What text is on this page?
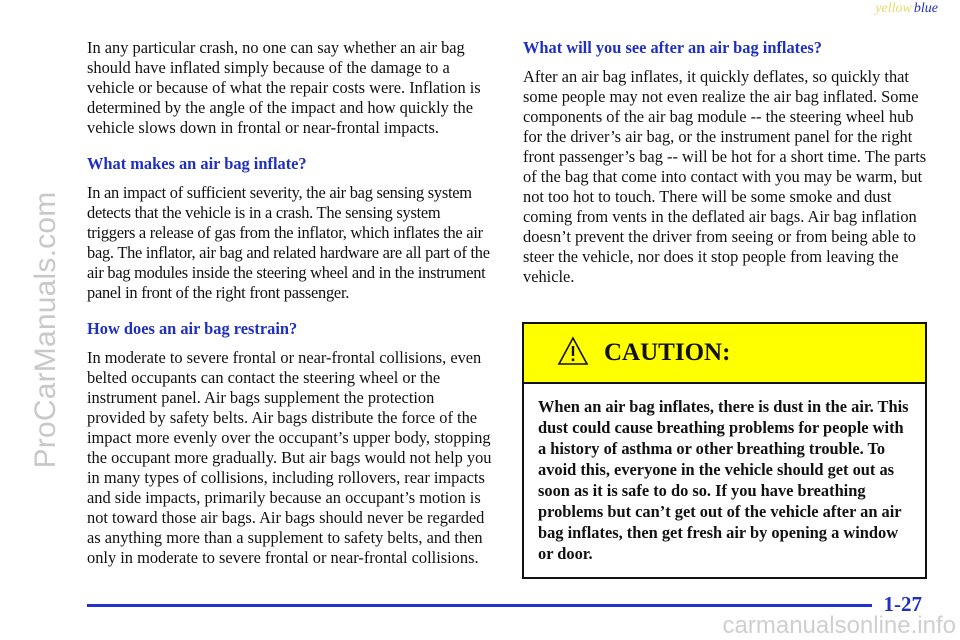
yellow blue
ProCarManuals.com

In any particular crash, no one can say whether an air bag should have inflated simply because of the damage to a vehicle or because of what the repair costs were. Inflation is determined by the angle of the impact and how quickly the vehicle slows down in frontal or near-frontal impacts.

What makes an air bag inflate?

In an impact of sufficient severity, the air bag sensing system detects that the vehicle is in a crash. The sensing system triggers a release of gas from the inflator, which inflates the air bag. The inflator, air bag and related hardware are all part of the air bag modules inside the steering wheel and in the instrument panel in front of the right front passenger.

How does an air bag restrain?

In moderate to severe frontal or near-frontal collisions, even belted occupants can contact the steering wheel or the instrument panel. Air bags supplement the protection provided by safety belts. Air bags distribute the force of the impact more evenly over the occupant’s upper body, stopping the occupant more gradually. But air bags would not help you in many types of collisions, including rollovers, rear impacts and side impacts, primarily because an occupant’s motion is not toward those air bags. Air bags should never be regarded as anything more than a supplement to safety belts, and then only in moderate to severe frontal or near-frontal collisions.

What will you see after an air bag inflates?

After an air bag inflates, it quickly deflates, so quickly that some people may not even realize the air bag inflated. Some components of the air bag module -- the steering wheel hub for the driver’s air bag, or the instrument panel for the right front passenger’s bag -- will be hot for a short time. The parts of the bag that come into contact with you may be warm, but not too hot to touch. There will be some smoke and dust coming from vents in the deflated air bags. Air bag inflation doesn’t prevent the driver from seeing or from being able to steer the vehicle, nor does it stop people from leaving the vehicle.

CAUTION:

When an air bag inflates, there is dust in the air. This dust could cause breathing problems for people with a history of asthma or other breathing trouble. To avoid this, everyone in the vehicle should get out as soon as it is safe to do so. If you have breathing problems but can’t get out of the vehicle after an air bag inflates, then get fresh air by opening a window or door.

1-27
carmanualsonline.info
